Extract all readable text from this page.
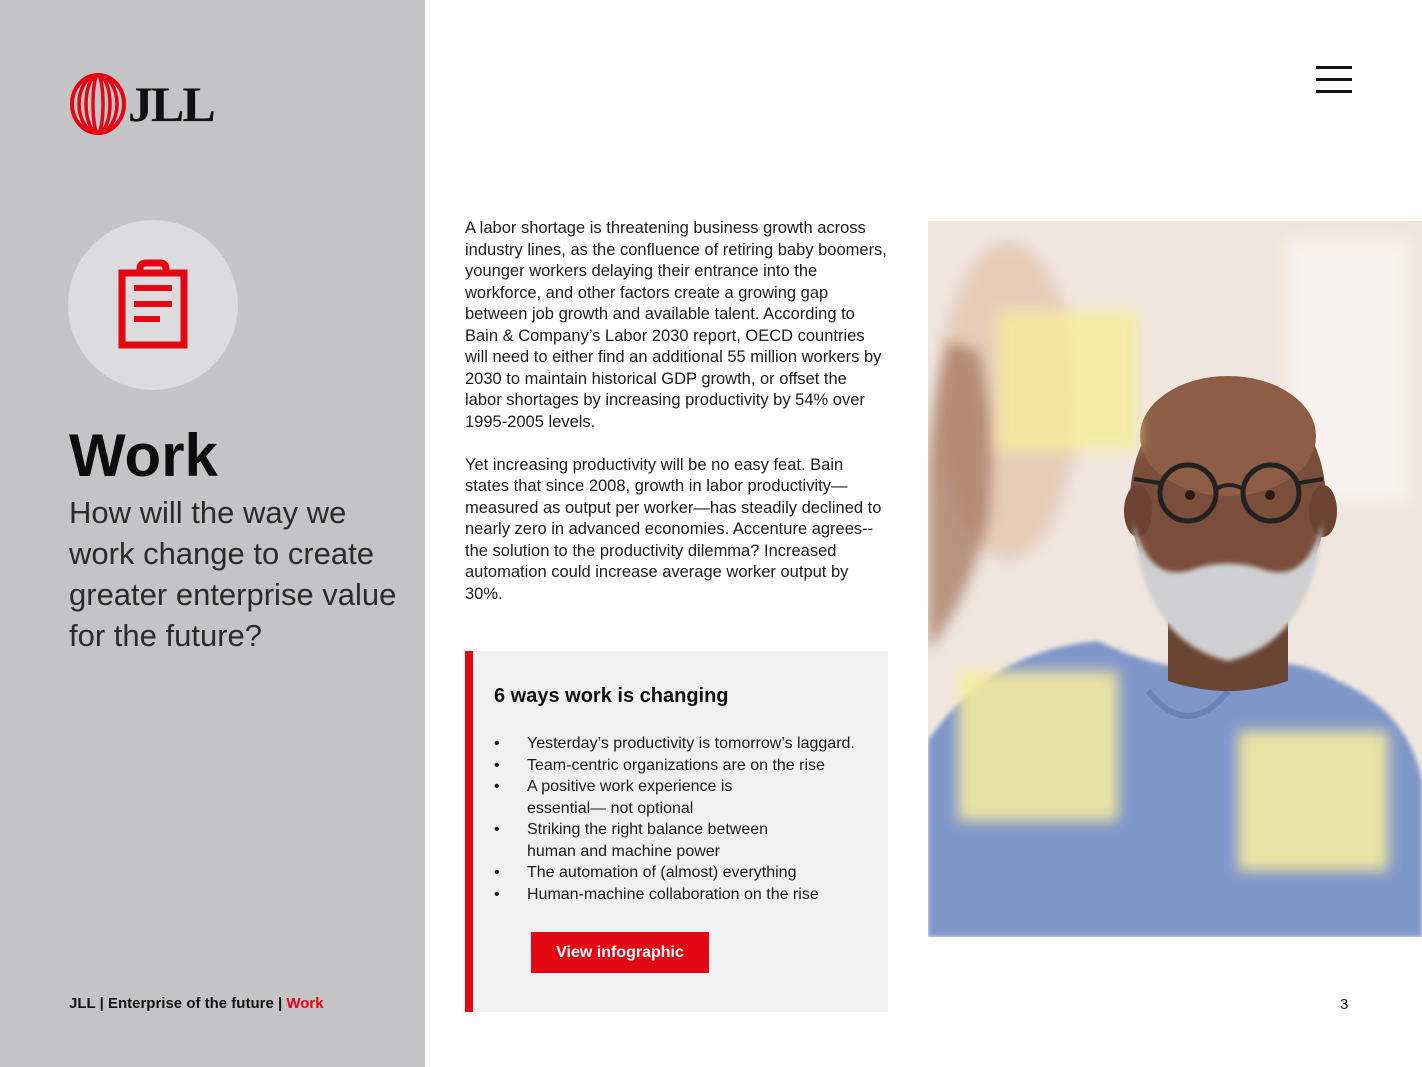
JLL
Work
How will the way we work change to create greater enterprise value for the future?
JLL | Enterprise of the future | Work

A labor shortage is threatening business growth across industry lines, as the confluence of retiring baby boomers, younger workers delaying their entrance into the workforce, and other factors create a growing gap between job growth and available talent. According to Bain & Company’s Labor 2030 report, OECD countries will need to either find an additional 55 million workers by 2030 to maintain historical GDP growth, or offset the labor shortages by increasing productivity by 54% over 1995-2005 levels.

Yet increasing productivity will be no easy feat. Bain states that since 2008, growth in labor productivity—measured as output per worker—has steadily declined to nearly zero in advanced economies. Accenture agrees--the solution to the productivity dilemma? Increased automation could increase average worker output by 30%.

6 ways work is changing
• Yesterday’s productivity is tomorrow’s laggard.
• Team-centric organizations are on the rise
• A positive work experience is essential— not optional
• Striking the right balance between human and machine power
• The automation of (almost) everything
• Human-machine collaboration on the rise
View infographic
3
